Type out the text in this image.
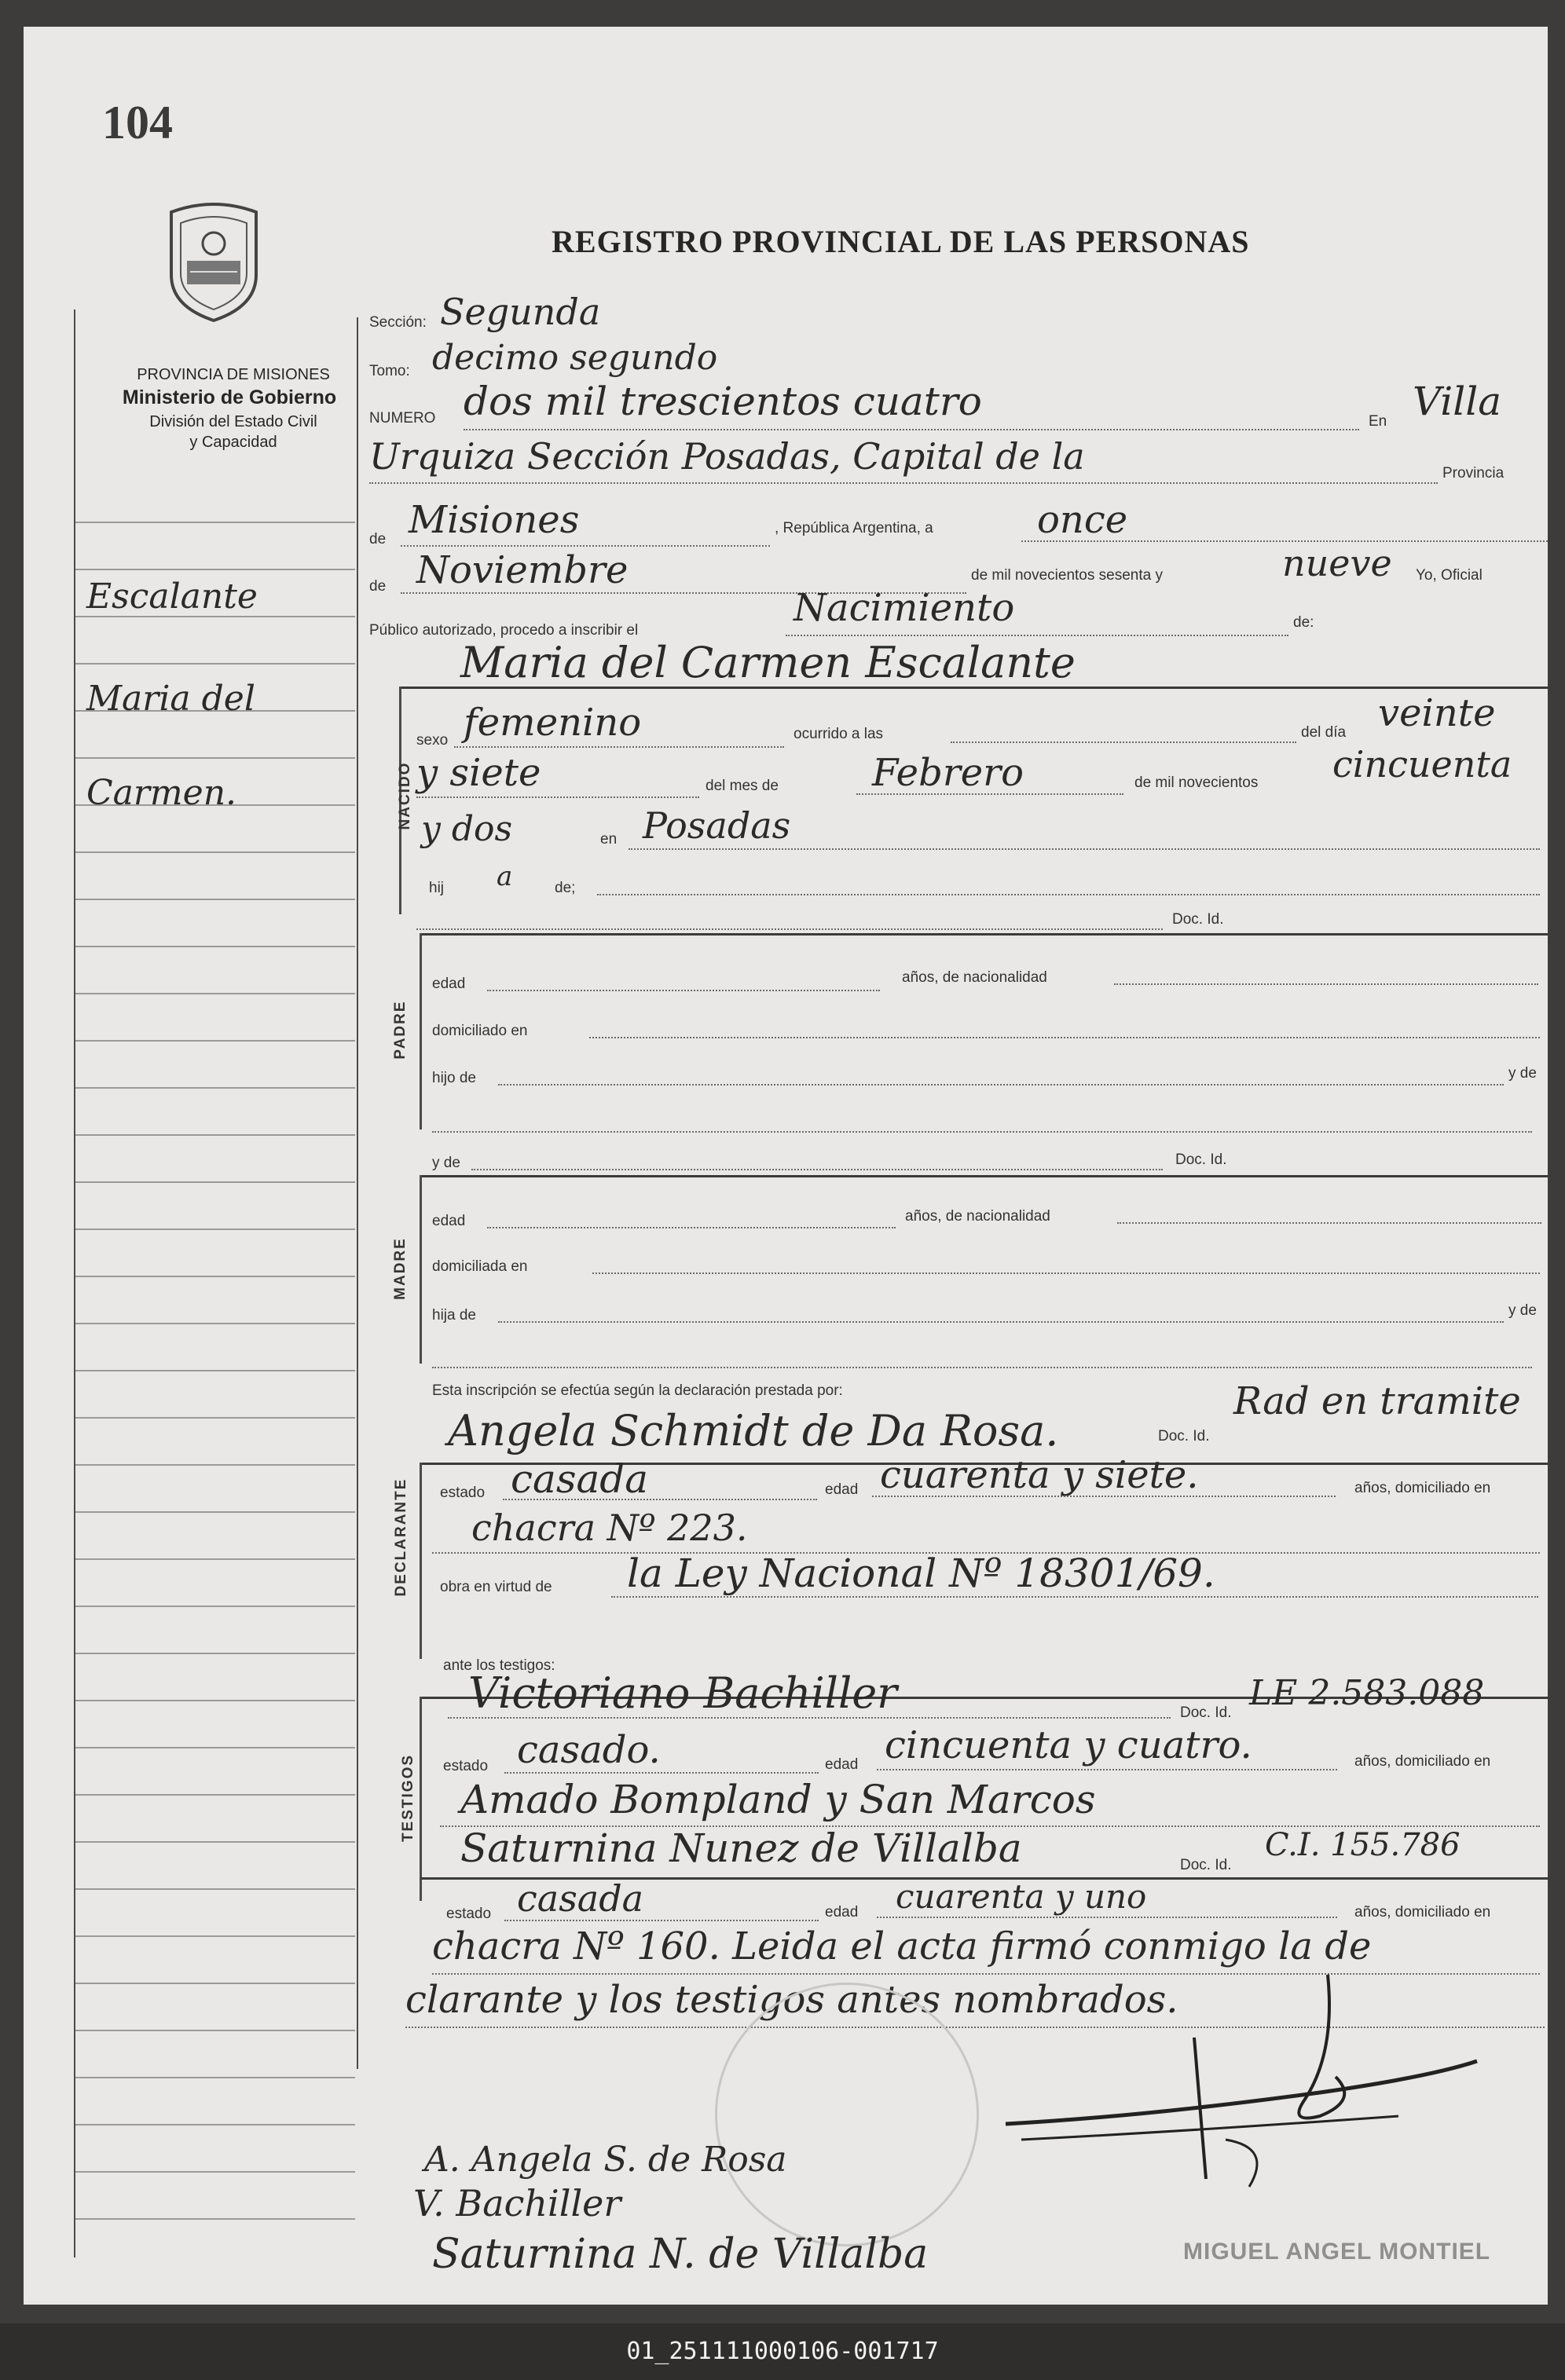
104
REGISTRO PROVINCIAL DE LAS PERSONAS
PROVINCIA DE MISIONES
Ministerio de Gobierno
División del Estado Civil
y Capacidad
Escalante
Maria del
Carmen.
Sección: Segunda
Tomo: decimo segundo
NUMERO dos mil trescientos cuatro	En Villa
Urquiza Sección Posadas, Capital de la	Provincia
de Misiones	, República Argentina, a	once
de Noviembre	de mil novecientos sesenta y	nueve Yo, Oficial
Público autorizado, procedo a inscribir el
Nacimiento	de:
Maria del Carmen Escalante
NACIDO
sexo femenino	ocurrido a las	del día veinte
y siete	del mes de Febrero	de mil novecientos cincuenta
y dos	en Posadas
hij a	de;
Doc. Id.
PADRE
edad	años, de nacionalidad
domiciliado en
hijo de	y de
y de	Doc. Id.
MADRE
edad	años, de nacionalidad
domiciliada en
hija de	y de
Esta inscripción se efectúa según la declaración prestada por:
DECLARANTE
Angela Schmidt de Da Rosa.	Doc. Id.
Rad en tramite
estado casada	edad cuarenta y siete.	años, domiciliado en
chacra Nº 223.
obra en virtud de la Ley Nacional Nº 18301/69.
ante los testigos:
TESTIGOS
Victoriano Bachiller	Doc. Id. LE 2.583.088
estado casado.	edad cincuenta y cuatro.	años, domiciliado en
Amado Bompland y San Marcos
Saturnina Nunez de Villalba	Doc. Id.
C.I. 155.786
estado casada	edad cuarenta y uno	años, domiciliado en
chacra Nº 160. Leida el acta firmó conmigo la de
clarante y los testigos antes nombrados.
A. Angela S. de Rosa
V. Bachiller
Saturnina N. de Villalba	MIGUEL ANGEL MONTIEL
01_251111000106-001717
